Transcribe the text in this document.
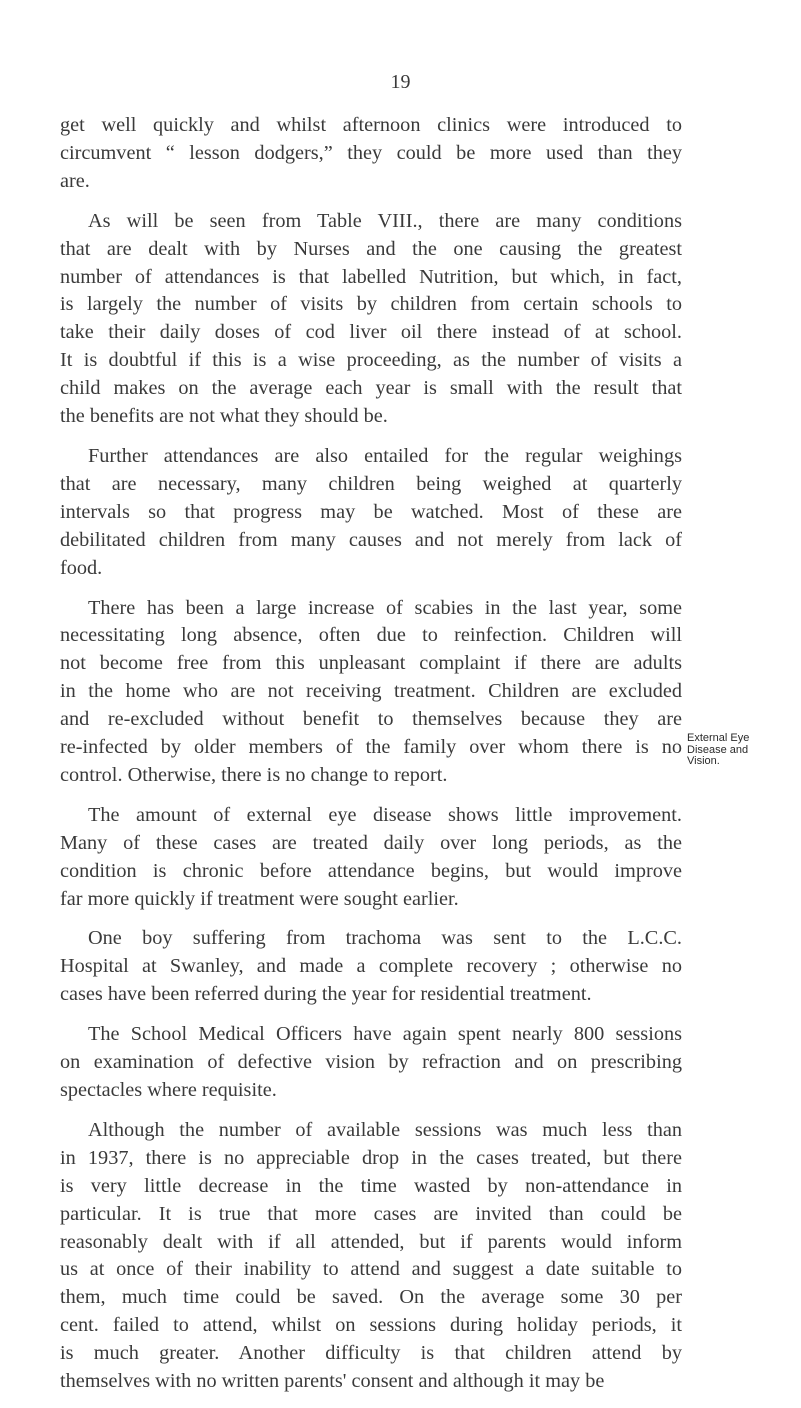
19
External Eye
Disease and
Vision.

get well quickly and whilst afternoon clinics were introduced to
circumvent “ lesson dodgers,” they could be more used than they
are.

As will be seen from Table VIII., there are many conditions
that are dealt with by Nurses and the one causing the greatest
number of attendances is that labelled Nutrition, but which, in fact,
is largely the number of visits by children from certain schools to
take their daily doses of cod liver oil there instead of at school.
It is doubtful if this is a wise proceeding, as the number of visits a
child makes on the average each year is small with the result that
the benefits are not what they should be.

Further attendances are also entailed for the regular weighings
that are necessary, many children being weighed at quarterly
intervals so that progress may be watched. Most of these are
debilitated children from many causes and not merely from lack of
food.

There has been a large increase of scabies in the last year, some
necessitating long absence, often due to reinfection. Children will
not become free from this unpleasant complaint if there are adults
in the home who are not receiving treatment. Children are excluded
and re-excluded without benefit to themselves because they are
re-infected by older members of the family over whom there is no
control. Otherwise, there is no change to report.

The amount of external eye disease shows little improvement.
Many of these cases are treated daily over long periods, as the
condition is chronic before attendance begins, but would improve
far more quickly if treatment were sought earlier.

One boy suffering from trachoma was sent to the L.C.C.
Hospital at Swanley, and made a complete recovery ; otherwise no
cases have been referred during the year for residential treatment.

The School Medical Officers have again spent nearly 800 sessions
on examination of defective vision by refraction and on prescribing
spectacles where requisite.

Although the number of available sessions was much less than
in 1937, there is no appreciable drop in the cases treated, but there
is very little decrease in the time wasted by non-attendance in
particular. It is true that more cases are invited than could be
reasonably dealt with if all attended, but if parents would inform
us at once of their inability to attend and suggest a date suitable to
them, much time could be saved. On the average some 30 per
cent. failed to attend, whilst on sessions during holiday periods, it
is much greater. Another difficulty is that children attend by
themselves with no written parents' consent and although it may be
